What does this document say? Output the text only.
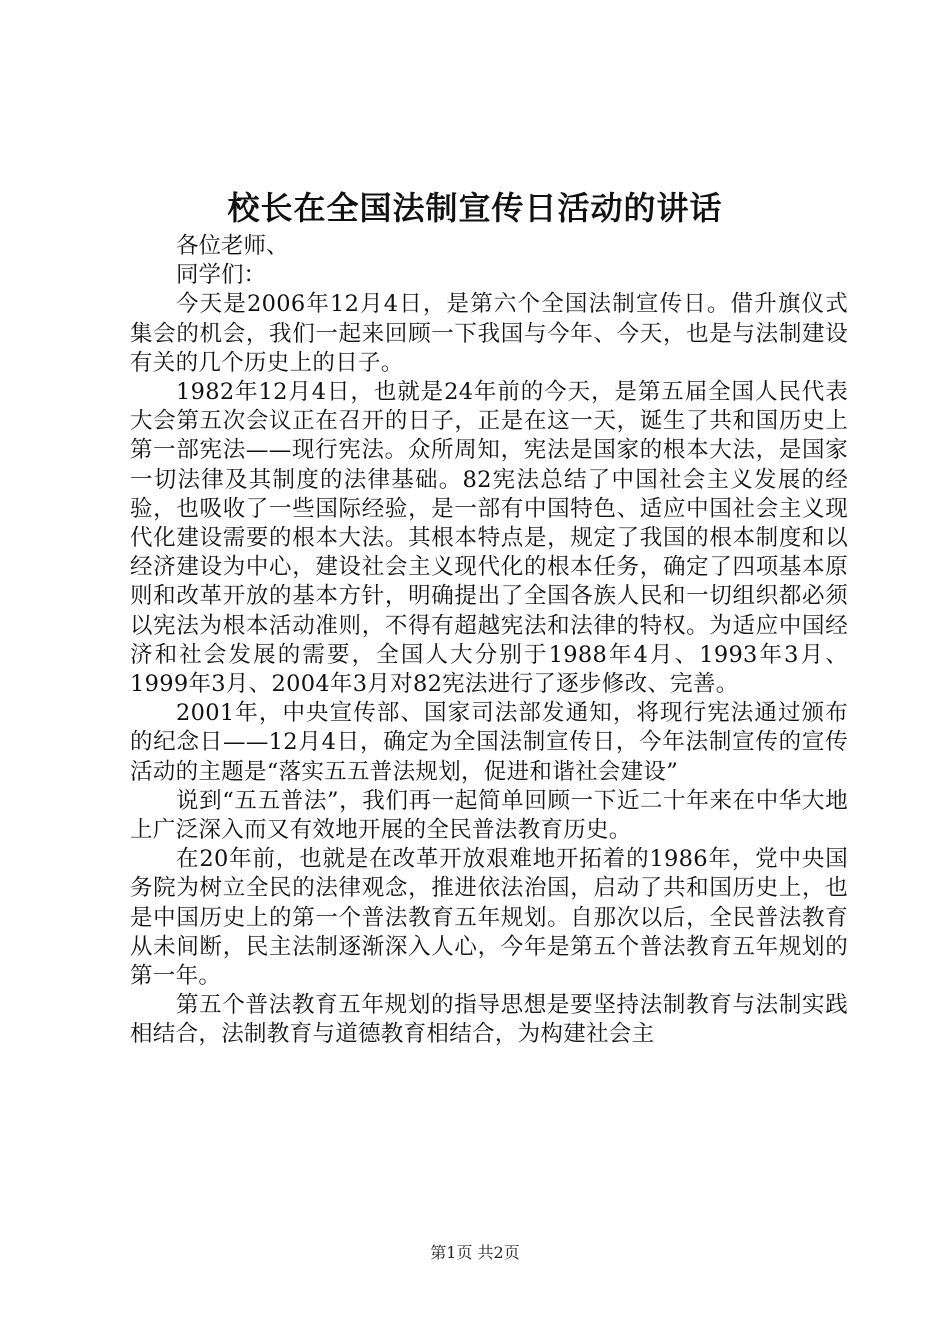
校长在全国法制宣传日活动的讲话

各位老师、

同学们：

今天是2006年12月4日，是第六个全国法制宣传日。借升旗仪式集会的机会，我们一起来回顾一下我国与今年、今天，也是与法制建设有关的几个历史上的日子。

1982年12月4日，也就是24年前的今天，是第五届全国人民代表大会第五次会议正在召开的日子，正是在这一天，诞生了共和国历史上第一部宪法——现行宪法。众所周知，宪法是国家的根本大法，是国家一切法律及其制度的法律基础。82宪法总结了中国社会主义发展的经验，也吸收了一些国际经验，是一部有中国特色、适应中国社会主义现代化建设需要的根本大法。其根本特点是，规定了我国的根本制度和以经济建设为中心，建设社会主义现代化的根本任务，确定了四项基本原则和改革开放的基本方针，明确提出了全国各族人民和一切组织都必须以宪法为根本活动准则，不得有超越宪法和法律的特权。为适应中国经济和社会发展的需要，全国人大分别于1988年4月、1993年3月、1999年3月、2004年3月对82宪法进行了逐步修改、完善。

2001年，中央宣传部、国家司法部发通知，将现行宪法通过颁布的纪念日——12月4日，确定为全国法制宣传日，今年法制宣传的宣传活动的主题是“落实五五普法规划，促进和谐社会建设”

说到“五五普法”，我们再一起简单回顾一下近二十年来在中华大地上广泛深入而又有效地开展的全民普法教育历史。

在20年前，也就是在改革开放艰难地开拓着的1986年，党中央国务院为树立全民的法律观念，推进依法治国，启动了共和国历史上，也是中国历史上的第一个普法教育五年规划。自那次以后，全民普法教育从未间断，民主法制逐渐深入人心，今年是第五个普法教育五年规划的第一年。

第五个普法教育五年规划的指导思想是要坚持法制教育与法制实践相结合，法制教育与道德教育相结合，为构建社会主

第1页 共2页
